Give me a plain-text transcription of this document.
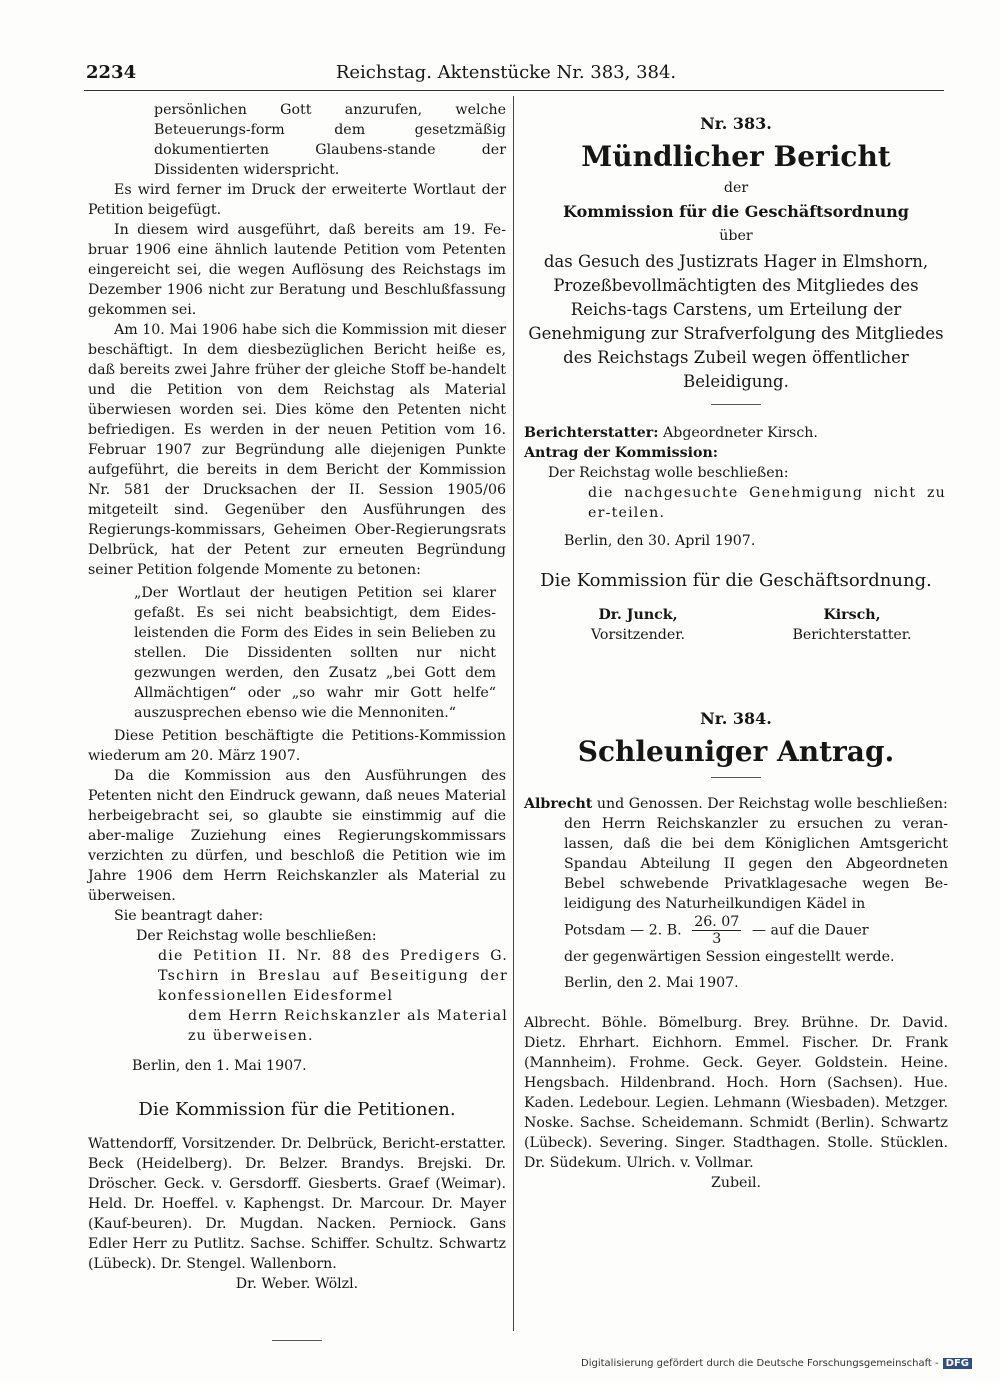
2234	Reichstag. Aktenstücke Nr. 383, 384.

persönlichen Gott anzurufen, welche Beteuerungs-form dem gesetzmäßig dokumentierten Glaubens-stande der Dissidenten widerspricht.

Es wird ferner im Druck der erweiterte Wortlaut der Petition beigefügt.

In diesem wird ausgeführt, daß bereits am 19. Fe-bruar 1906 eine ähnlich lautende Petition vom Petenten eingereicht sei, die wegen Auflösung des Reichstags im Dezember 1906 nicht zur Beratung und Beschlußfassung gekommen sei.

Am 10. Mai 1906 habe sich die Kommission mit dieser beschäftigt. In dem diesbezüglichen Bericht heiße es, daß bereits zwei Jahre früher der gleiche Stoff be-handelt und die Petition von dem Reichstag als Material überwiesen worden sei. Dies köme den Petenten nicht befriedigen. Es werden in der neuen Petition vom 16. Februar 1907 zur Begründung alle diejenigen Punkte aufgeführt, die bereits in dem Bericht der Kommission Nr. 581 der Drucksachen der II. Session 1905/06 mitgeteilt sind. Gegenüber den Ausführungen des Regierungs-kommissars, Geheimen Ober-Regierungsrats Delbrück, hat der Petent zur erneuten Begründung seiner Petition folgende Momente zu betonen:

„Der Wortlaut der heutigen Petition sei klarer gefaßt. Es sei nicht beabsichtigt, dem Eides-leistenden die Form des Eides in sein Belieben zu stellen. Die Dissidenten sollten nur nicht gezwungen werden, den Zusatz „bei Gott dem Allmächtigen“ oder „so wahr mir Gott helfe“ auszusprechen ebenso wie die Mennoniten.“

Diese Petition beschäftigte die Petitions-Kommission wiederum am 20. März 1907.

Da die Kommission aus den Ausführungen des Petenten nicht den Eindruck gewann, daß neues Material herbeigebracht sei, so glaubte sie einstimmig auf die aber-malige Zuziehung eines Regierungskommissars verzichten zu dürfen, und beschloß die Petition wie im Jahre 1906 dem Herrn Reichskanzler als Material zu überweisen.

Sie beantragt daher:

Der Reichstag wolle beschließen:

die Petition II. Nr. 88 des Predigers G. Tschirn in Breslau auf Beseitigung der konfessionellen Eidesformel

dem Herrn Reichskanzler als Material zu überweisen.

Berlin, den 1. Mai 1907.

Die Kommission für die Petitionen.

Wattendorff, Vorsitzender. Dr. Delbrück, Bericht-erstatter. Beck (Heidelberg). Dr. Belzer. Brandys. Brejski. Dr. Dröscher. Geck. v. Gersdorff. Giesberts. Graef (Weimar). Held. Dr. Hoeffel. v. Kaphengst. Dr. Marcour. Dr. Mayer (Kauf-beuren). Dr. Mugdan. Nacken. Perniock. Gans Edler Herr zu Putlitz. Sachse. Schiffer. Schultz. Schwartz (Lübeck). Dr. Stengel. Wallenborn.

Dr. Weber. Wölzl.

Nr. 383.
Mündlicher Bericht
der
Kommission für die Geschäftsordnung
über
das Gesuch des Justizrats Hager in Elmshorn, Prozeßbevollmächtigten des Mitgliedes des Reichs-tags Carstens, um Erteilung der Genehmigung zur Strafverfolgung des Mitgliedes des Reichstags Zubeil wegen öffentlicher Beleidigung.

Berichterstatter: Abgeordneter Kirsch.

Antrag der Kommission:

Der Reichstag wolle beschließen:

die nachgesuchte Genehmigung nicht zu er-teilen.

Berlin, den 30. April 1907.

Die Kommission für die Geschäftsordnung.
Dr. Junck,
Vorsitzender.
Kirsch,
Berichterstatter.
Nr. 384.
Schleuniger Antrag.

Albrecht und Genossen. Der Reichstag wolle beschließen:

den Herrn Reichskanzler zu ersuchen zu veran-lassen, daß die bei dem Königlichen Amtsgericht Spandau Abteilung II gegen den Abgeordneten Bebel schwebende Privatklagesache wegen Be-leidigung des Naturheilkundigen Kädel in

Potsdam — 2. B. $\frac{26. 07}{3}$ — auf die Dauer

der gegenwärtigen Session eingestellt werde.

Berlin, den 2. Mai 1907.

Albrecht. Böhle. Bömelburg. Brey. Brühne. Dr. David. Dietz. Ehrhart. Eichhorn. Emmel. Fischer. Dr. Frank (Mannheim). Frohme. Geck. Geyer. Goldstein. Heine. Hengsbach. Hildenbrand. Hoch. Horn (Sachsen). Hue. Kaden. Ledebour. Legien. Lehmann (Wiesbaden). Metzger. Noske. Sachse. Scheidemann. Schmidt (Berlin). Schwartz (Lübeck). Severing. Singer. Stadthagen. Stolle. Stücklen. Dr. Südekum. Ulrich. v. Vollmar.

Zubeil.

Digitalisierung gefördert durch die Deutsche Forschungsgemeinschaft - DFG
